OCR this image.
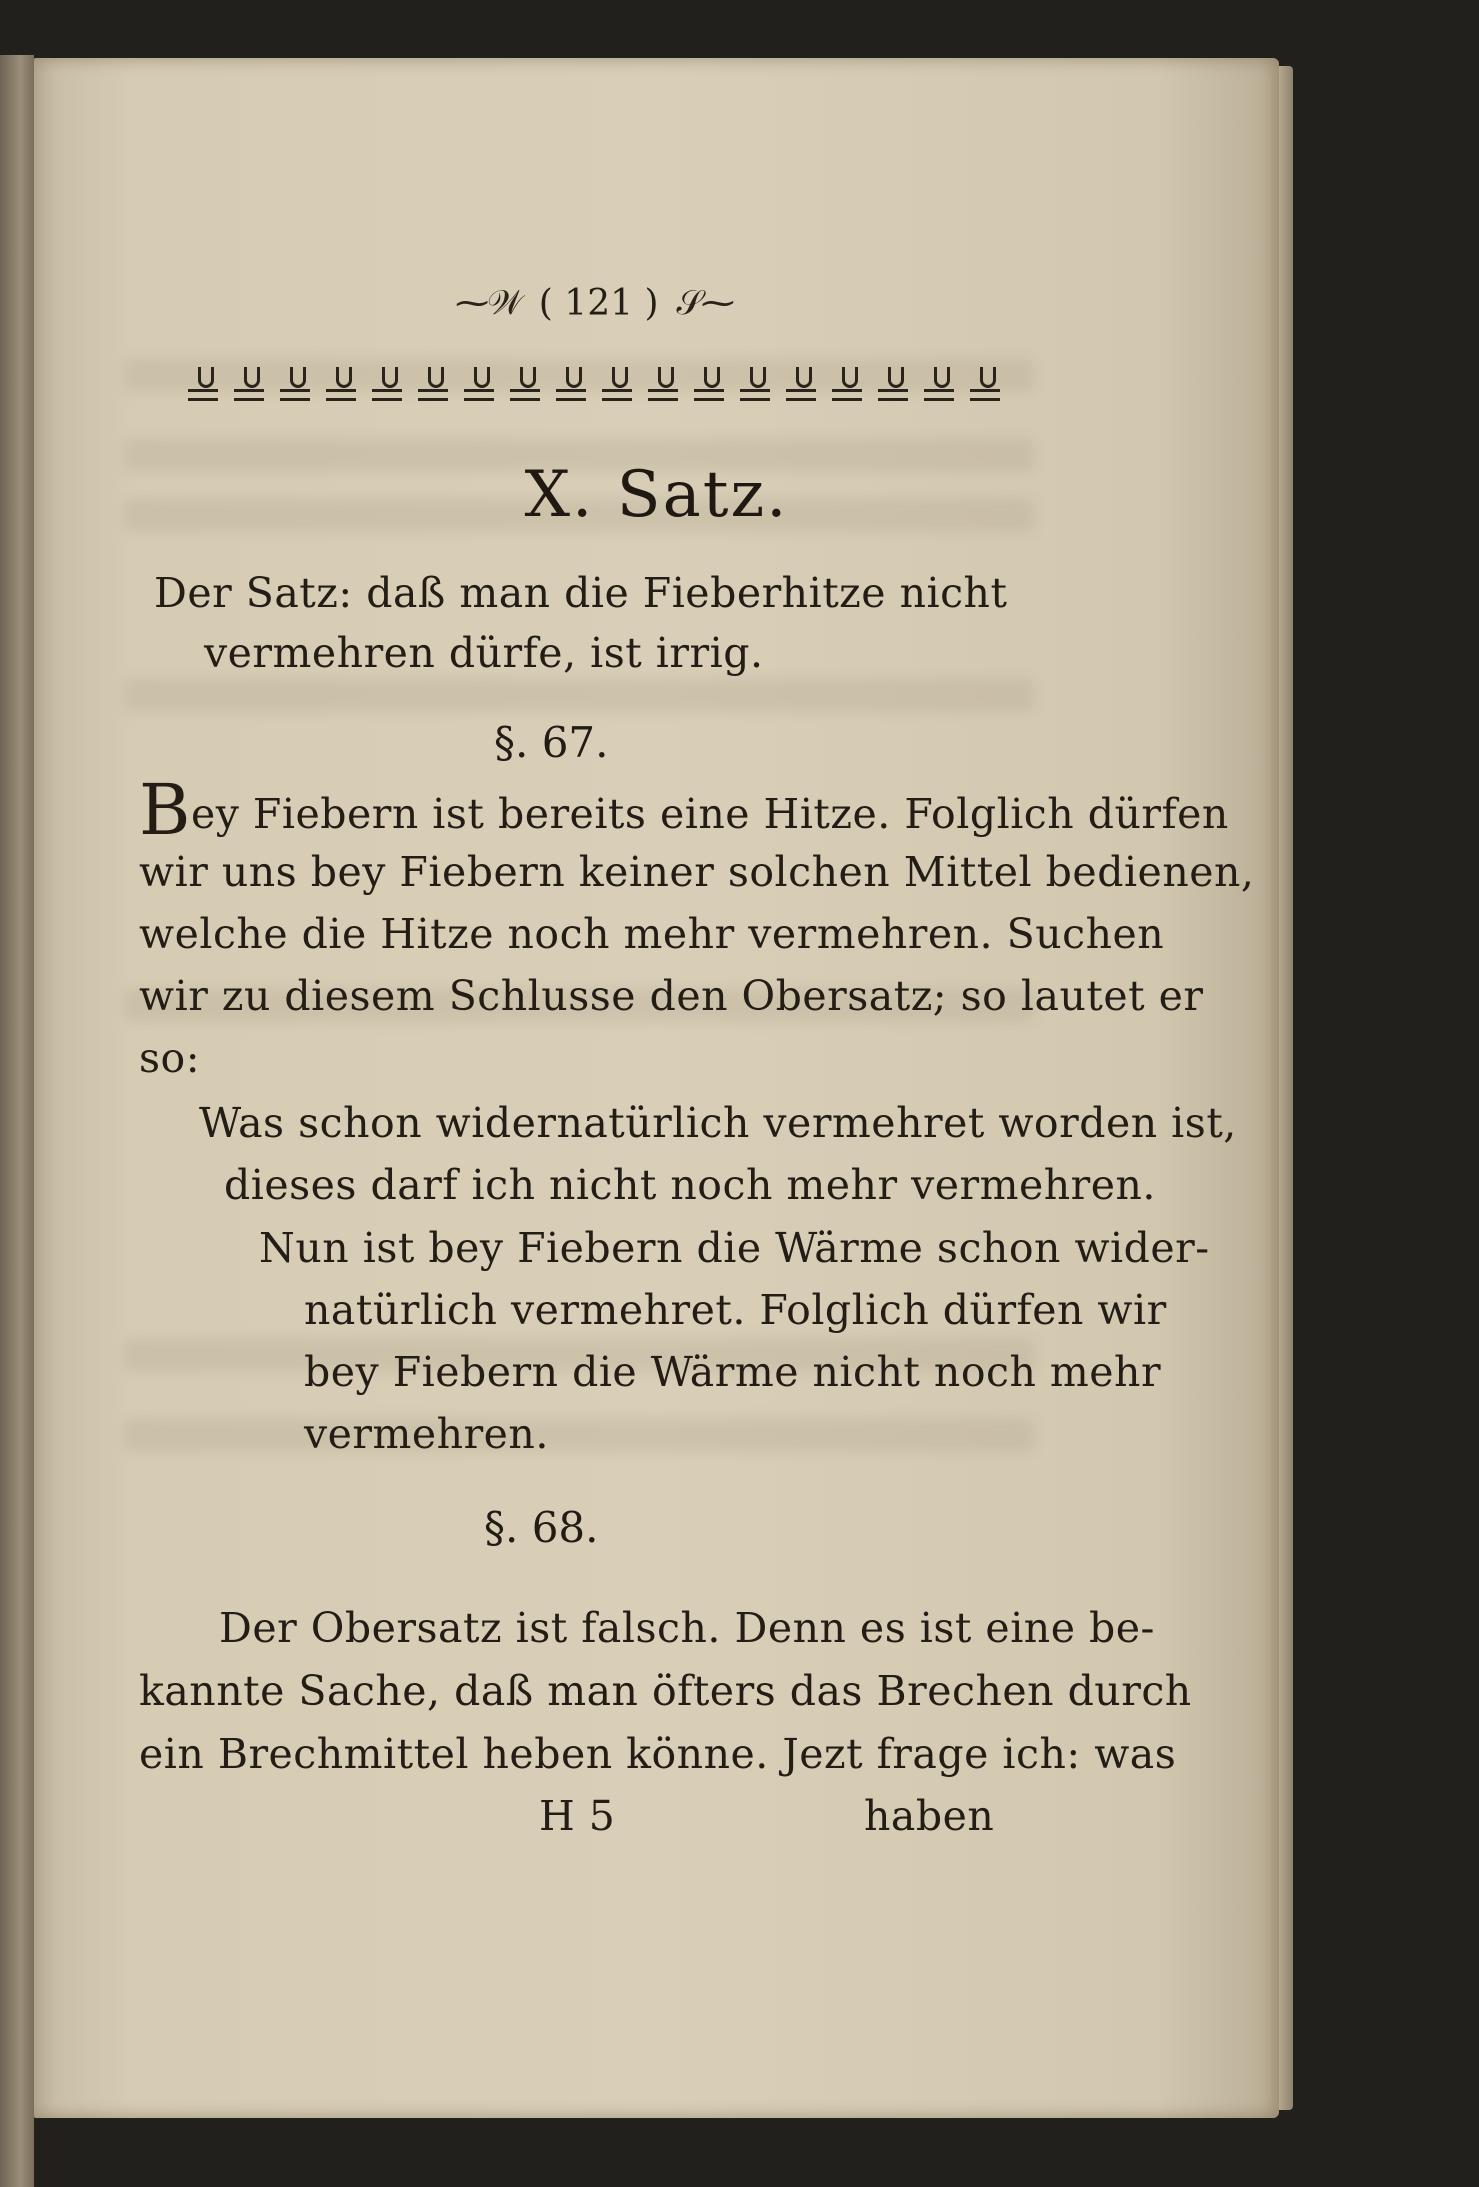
⁓𝒲 ( 121 ) 𝒮⁓
X. Satz.
Der Satz: daß man die Fieberhitze nicht
vermehren dürfe, ist irrig.
§. 67.
Bey Fiebern ist bereits eine Hitze. Folglich dürfen
wir uns bey Fiebern keiner solchen Mittel bedienen,
welche die Hitze noch mehr vermehren. Suchen
wir zu diesem Schlusse den Obersatz; so lautet er
so:
Was schon widernatürlich vermehret worden ist,
dieses darf ich nicht noch mehr vermehren.
Nun ist bey Fiebern die Wärme schon wider-
natürlich vermehret. Folglich dürfen wir
bey Fiebern die Wärme nicht noch mehr
vermehren.
§. 68.
Der Obersatz ist falsch. Denn es ist eine be-
kannte Sache, daß man öfters das Brechen durch
ein Brechmittel heben könne. Jezt frage ich: was
H 5	haben
